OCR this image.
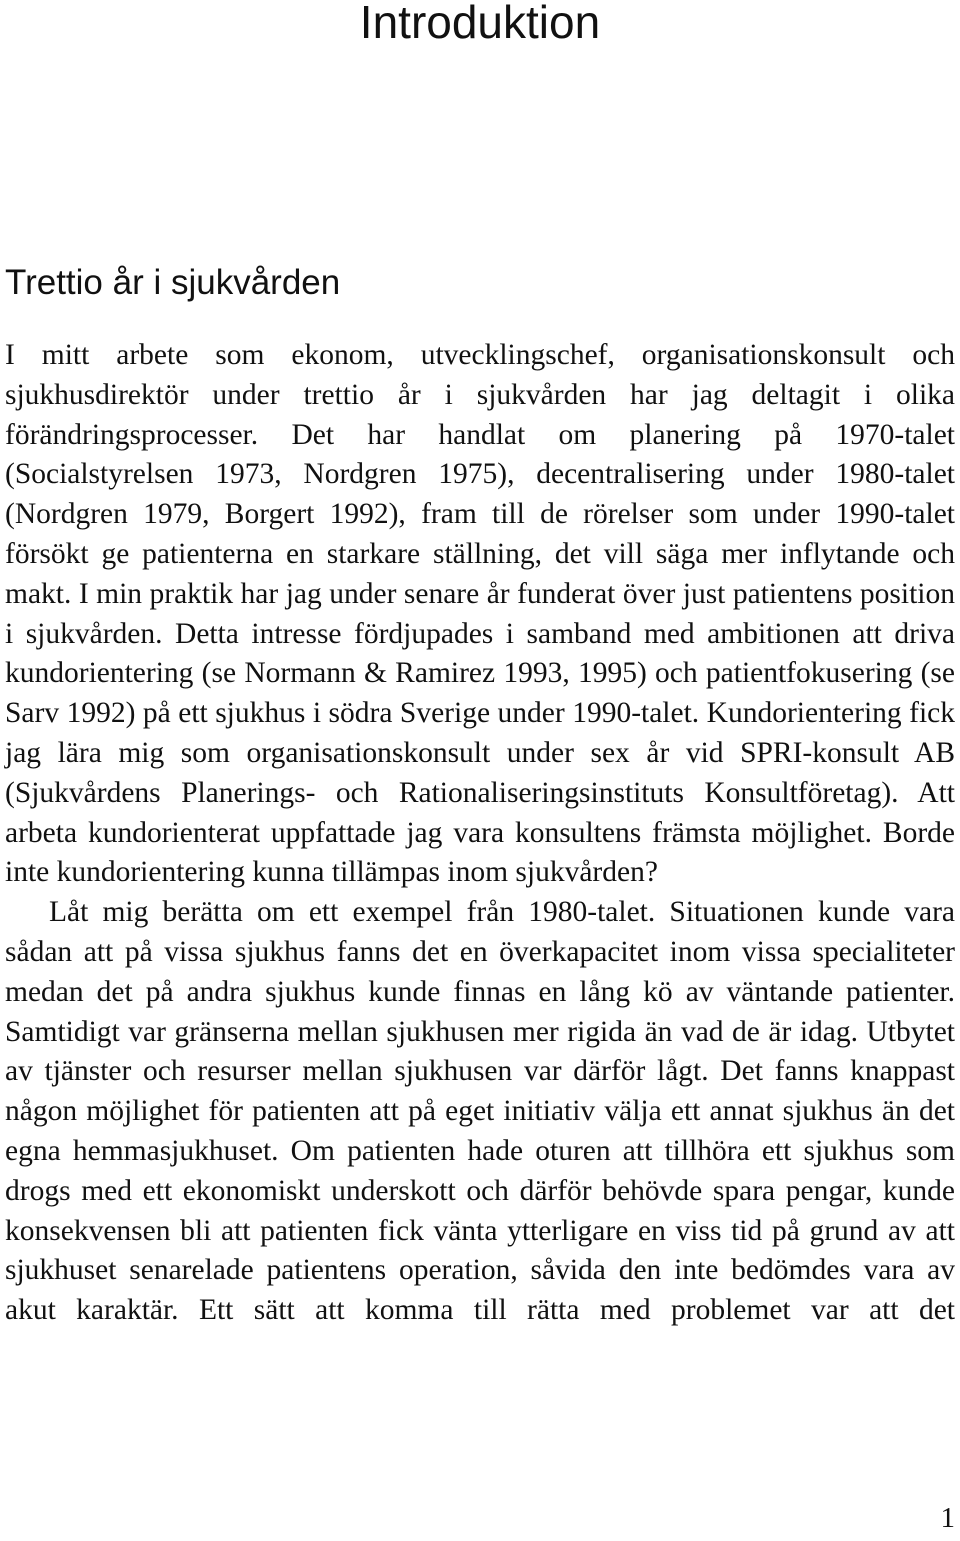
Introduktion
Trettio år i sjukvården

I mitt arbete som ekonom, utvecklingschef, organisationskonsult och sjukhusdirektör under trettio år i sjukvården har jag deltagit i olika förändringsprocesser. Det har handlat om planering på 1970-talet (Socialstyrelsen 1973, Nordgren 1975), decentralisering under 1980-talet (Nordgren 1979, Borgert 1992), fram till de rörelser som under 1990-talet försökt ge patienterna en starkare ställning, det vill säga mer inflytande och makt. I min praktik har jag under senare år funderat över just patientens position i sjukvården. Detta intresse fördjupades i samband med ambitionen att driva kundorientering (se Normann & Ramirez 1993, 1995) och patientfokusering (se Sarv 1992) på ett sjukhus i södra Sverige under 1990-talet. Kundorientering fick jag lära mig som organisationskonsult under sex år vid SPRI-konsult AB (Sjukvårdens Planerings- och Rationaliseringsinstituts Konsultföretag). Att arbeta kundorienterat uppfattade jag vara konsultens främsta möjlighet. Borde inte kundorientering kunna tillämpas inom sjukvården?

Låt mig berätta om ett exempel från 1980-talet. Situationen kunde vara sådan att på vissa sjukhus fanns det en överkapacitet inom vissa specialiteter medan det på andra sjukhus kunde finnas en lång kö av väntande patienter. Samtidigt var gränserna mellan sjukhusen mer rigida än vad de är idag. Utbytet av tjänster och resurser mellan sjukhusen var därför lågt. Det fanns knappast någon möjlighet för patienten att på eget initiativ välja ett annat sjukhus än det egna hemmasjukhuset. Om patienten hade oturen att tillhöra ett sjukhus som drogs med ett ekonomiskt underskott och därför behövde spara pengar, kunde konsekvensen bli att patienten fick vänta ytterligare en viss tid på grund av att sjukhuset senarelade patientens operation, såvida den inte bedömdes vara av akut karaktär. Ett sätt att komma till rätta med problemet var att det

1
